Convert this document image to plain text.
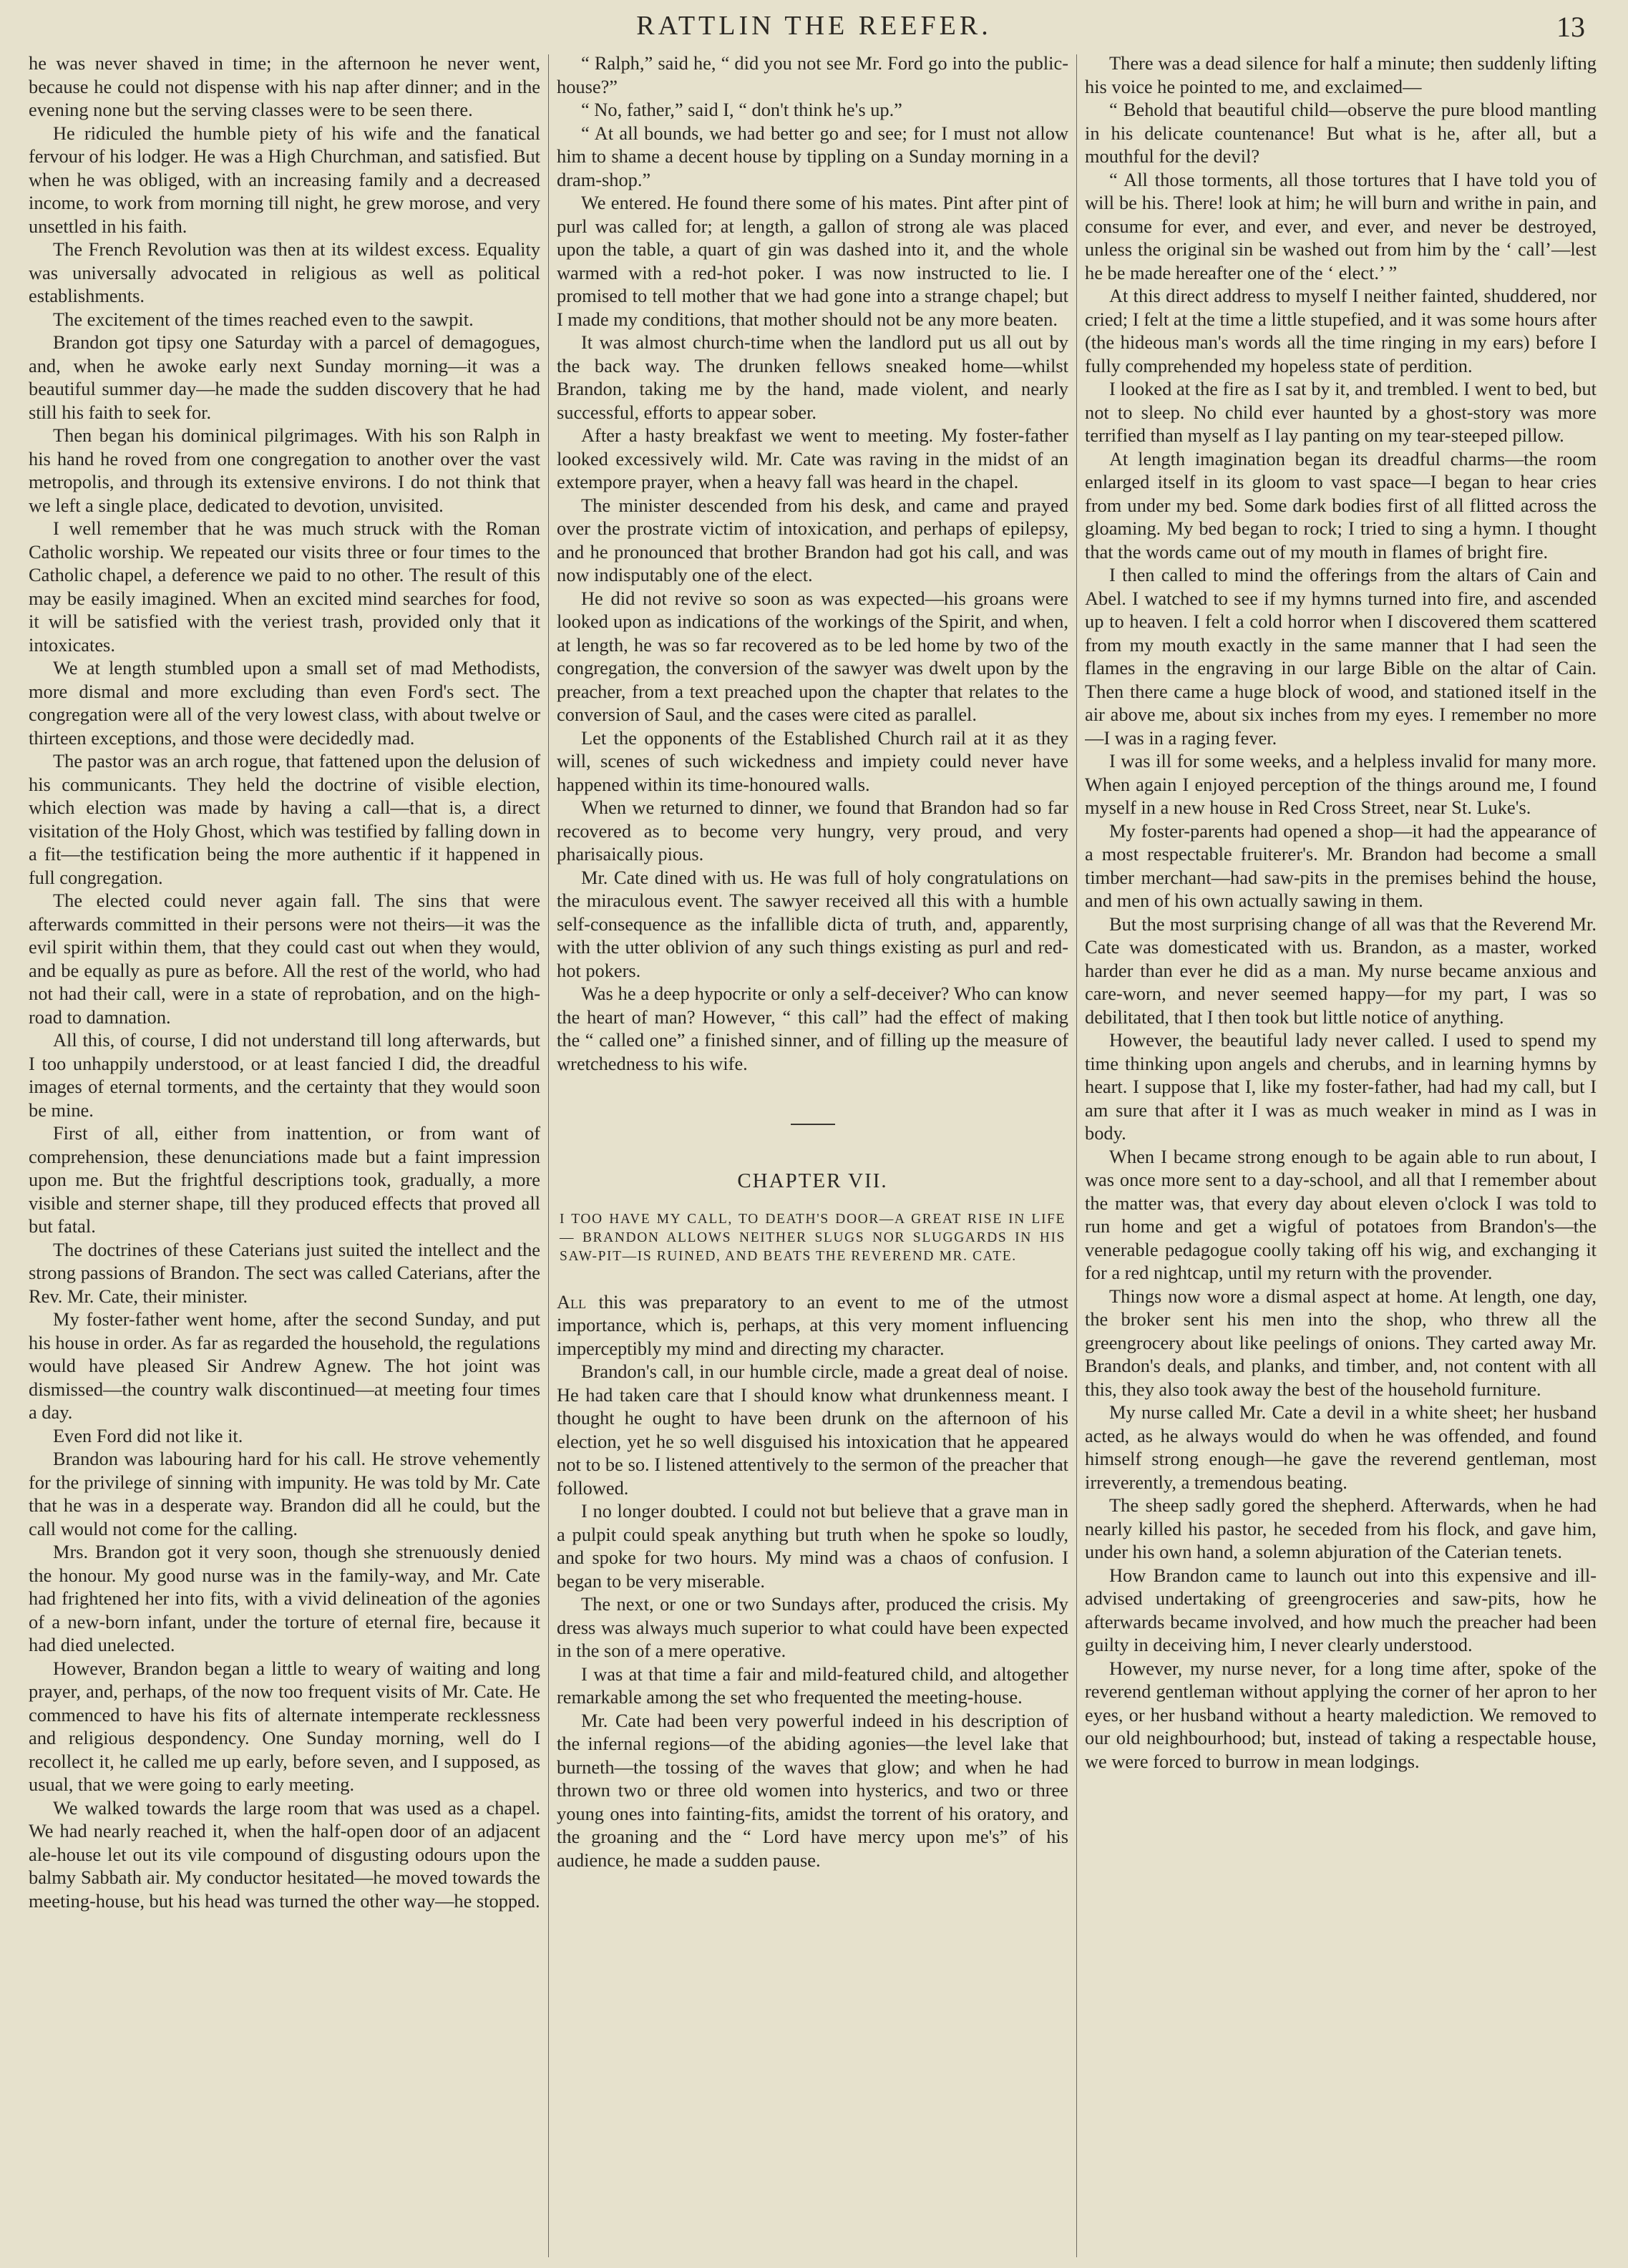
RATTLIN THE REEFER.	13

he was never shaved in time; in the afternoon he never went, because he could not dispense with his nap after dinner; and in the evening none but the serving classes were to be seen there.

He ridiculed the humble piety of his wife and the fanatical fervour of his lodger. He was a High Churchman, and satisfied. But when he was obliged, with an increasing family and a decreased income, to work from morning till night, he grew morose, and very unsettled in his faith.

The French Revolution was then at its wildest excess. Equality was universally advocated in religious as well as political establishments.

The excitement of the times reached even to the sawpit.

Brandon got tipsy one Saturday with a parcel of demagogues, and, when he awoke early next Sunday morning—it was a beautiful summer day—he made the sudden discovery that he had still his faith to seek for.

Then began his dominical pilgrimages. With his son Ralph in his hand he roved from one congregation to another over the vast metropolis, and through its extensive environs. I do not think that we left a single place, dedicated to devotion, unvisited.

I well remember that he was much struck with the Roman Catholic worship. We repeated our visits three or four times to the Catholic chapel, a deference we paid to no other. The result of this may be easily imagined. When an excited mind searches for food, it will be satisfied with the veriest trash, provided only that it intoxicates.

We at length stumbled upon a small set of mad Methodists, more dismal and more excluding than even Ford's sect. The congregation were all of the very lowest class, with about twelve or thirteen exceptions, and those were decidedly mad.

The pastor was an arch rogue, that fattened upon the delusion of his communicants. They held the doctrine of visible election, which election was made by having a call—that is, a direct visitation of the Holy Ghost, which was testified by falling down in a fit—the testification being the more authentic if it happened in full congregation.

The elected could never again fall. The sins that were afterwards committed in their persons were not theirs—it was the evil spirit within them, that they could cast out when they would, and be equally as pure as before. All the rest of the world, who had not had their call, were in a state of reprobation, and on the high-road to damnation.

All this, of course, I did not understand till long afterwards, but I too unhappily understood, or at least fancied I did, the dreadful images of eternal torments, and the certainty that they would soon be mine.

First of all, either from inattention, or from want of comprehension, these denunciations made but a faint impression upon me. But the frightful descriptions took, gradually, a more visible and sterner shape, till they produced effects that proved all but fatal.

The doctrines of these Caterians just suited the intellect and the strong passions of Brandon. The sect was called Caterians, after the Rev. Mr. Cate, their minister.

My foster-father went home, after the second Sunday, and put his house in order. As far as regarded the household, the regulations would have pleased Sir Andrew Agnew. The hot joint was dismissed—the country walk discontinued—at meeting four times a day.

Even Ford did not like it.

Brandon was labouring hard for his call. He strove vehemently for the privilege of sinning with impunity. He was told by Mr. Cate that he was in a desperate way. Brandon did all he could, but the call would not come for the calling.

Mrs. Brandon got it very soon, though she strenuously denied the honour. My good nurse was in the family-way, and Mr. Cate had frightened her into fits, with a vivid delineation of the agonies of a new-born infant, under the torture of eternal fire, because it had died unelected.

However, Brandon began a little to weary of waiting and long prayer, and, perhaps, of the now too frequent visits of Mr. Cate. He commenced to have his fits of alternate intemperate recklessness and religious despondency. One Sunday morning, well do I recollect it, he called me up early, before seven, and I supposed, as usual, that we were going to early meeting.

We walked towards the large room that was used as a chapel. We had nearly reached it, when the half-open door of an adjacent ale-house let out its vile compound of disgusting odours upon the balmy Sabbath air. My conductor hesitated—he moved towards the meeting-house, but his head was turned the other way—he stopped.

“ Ralph,” said he, “ did you not see Mr. Ford go into the public-house?”

“ No, father,” said I, “ don't think he's up.”

“ At all bounds, we had better go and see; for I must not allow him to shame a decent house by tippling on a Sunday morning in a dram-shop.”

We entered. He found there some of his mates. Pint after pint of purl was called for; at length, a gallon of strong ale was placed upon the table, a quart of gin was dashed into it, and the whole warmed with a red-hot poker. I was now instructed to lie. I promised to tell mother that we had gone into a strange chapel; but I made my conditions, that mother should not be any more beaten.

It was almost church-time when the landlord put us all out by the back way. The drunken fellows sneaked home—whilst Brandon, taking me by the hand, made violent, and nearly successful, efforts to appear sober.

After a hasty breakfast we went to meeting. My foster-father looked excessively wild. Mr. Cate was raving in the midst of an extempore prayer, when a heavy fall was heard in the chapel.

The minister descended from his desk, and came and prayed over the prostrate victim of intoxication, and perhaps of epilepsy, and he pronounced that brother Brandon had got his call, and was now indisputably one of the elect.

He did not revive so soon as was expected—his groans were looked upon as indications of the workings of the Spirit, and when, at length, he was so far recovered as to be led home by two of the congregation, the conversion of the sawyer was dwelt upon by the preacher, from a text preached upon the chapter that relates to the conversion of Saul, and the cases were cited as parallel.

Let the opponents of the Established Church rail at it as they will, scenes of such wickedness and impiety could never have happened within its time-honoured walls.

When we returned to dinner, we found that Brandon had so far recovered as to become very hungry, very proud, and very pharisaically pious.

Mr. Cate dined with us. He was full of holy congratulations on the miraculous event. The sawyer received all this with a humble self-consequence as the infallible dicta of truth, and, apparently, with the utter oblivion of any such things existing as purl and red-hot pokers.

Was he a deep hypocrite or only a self-deceiver? Who can know the heart of man? However, “ this call” had the effect of making the “ called one” a finished sinner, and of filling up the measure of wretchedness to his wife.

CHAPTER VII.
I TOO HAVE MY CALL, TO DEATH'S DOOR—A GREAT RISE IN LIFE — BRANDON ALLOWS NEITHER SLUGS NOR SLUGGARDS IN HIS SAW-PIT—IS RUINED, AND BEATS THE REVEREND MR. CATE.

All this was preparatory to an event to me of the utmost importance, which is, perhaps, at this very moment influencing imperceptibly my mind and directing my character.

Brandon's call, in our humble circle, made a great deal of noise. He had taken care that I should know what drunkenness meant. I thought he ought to have been drunk on the afternoon of his election, yet he so well disguised his intoxication that he appeared not to be so. I listened attentively to the sermon of the preacher that followed.

I no longer doubted. I could not but believe that a grave man in a pulpit could speak anything but truth when he spoke so loudly, and spoke for two hours. My mind was a chaos of confusion. I began to be very miserable.

The next, or one or two Sundays after, produced the crisis. My dress was always much superior to what could have been expected in the son of a mere operative.

I was at that time a fair and mild-featured child, and altogether remarkable among the set who frequented the meeting-house.

Mr. Cate had been very powerful indeed in his description of the infernal regions—of the abiding agonies—the level lake that burneth—the tossing of the waves that glow; and when he had thrown two or three old women into hysterics, and two or three young ones into fainting-fits, amidst the torrent of his oratory, and the groaning and the “ Lord have mercy upon me's” of his audience, he made a sudden pause.

There was a dead silence for half a minute; then suddenly lifting his voice he pointed to me, and exclaimed—

“ Behold that beautiful child—observe the pure blood mantling in his delicate countenance! But what is he, after all, but a mouthful for the devil?

“ All those torments, all those tortures that I have told you of will be his. There! look at him; he will burn and writhe in pain, and consume for ever, and ever, and ever, and never be destroyed, unless the original sin be washed out from him by the ‘ call’—lest he be made hereafter one of the ‘ elect.’ ”

At this direct address to myself I neither fainted, shuddered, nor cried; I felt at the time a little stupefied, and it was some hours after (the hideous man's words all the time ringing in my ears) before I fully comprehended my hopeless state of perdition.

I looked at the fire as I sat by it, and trembled. I went to bed, but not to sleep. No child ever haunted by a ghost-story was more terrified than myself as I lay panting on my tear-steeped pillow.

At length imagination began its dreadful charms—the room enlarged itself in its gloom to vast space—I began to hear cries from under my bed. Some dark bodies first of all flitted across the gloaming. My bed began to rock; I tried to sing a hymn. I thought that the words came out of my mouth in flames of bright fire.

I then called to mind the offerings from the altars of Cain and Abel. I watched to see if my hymns turned into fire, and ascended up to heaven. I felt a cold horror when I discovered them scattered from my mouth exactly in the same manner that I had seen the flames in the engraving in our large Bible on the altar of Cain. Then there came a huge block of wood, and stationed itself in the air above me, about six inches from my eyes. I remember no more—I was in a raging fever.

I was ill for some weeks, and a helpless invalid for many more. When again I enjoyed perception of the things around me, I found myself in a new house in Red Cross Street, near St. Luke's.

My foster-parents had opened a shop—it had the appearance of a most respectable fruiterer's. Mr. Brandon had become a small timber merchant—had saw-pits in the premises behind the house, and men of his own actually sawing in them.

But the most surprising change of all was that the Reverend Mr. Cate was domesticated with us. Brandon, as a master, worked harder than ever he did as a man. My nurse became anxious and care-worn, and never seemed happy—for my part, I was so debilitated, that I then took but little notice of anything.

However, the beautiful lady never called. I used to spend my time thinking upon angels and cherubs, and in learning hymns by heart. I suppose that I, like my foster-father, had had my call, but I am sure that after it I was as much weaker in mind as I was in body.

When I became strong enough to be again able to run about, I was once more sent to a day-school, and all that I remember about the matter was, that every day about eleven o'clock I was told to run home and get a wigful of potatoes from Brandon's—the venerable pedagogue coolly taking off his wig, and exchanging it for a red nightcap, until my return with the provender.

Things now wore a dismal aspect at home. At length, one day, the broker sent his men into the shop, who threw all the greengrocery about like peelings of onions. They carted away Mr. Brandon's deals, and planks, and timber, and, not content with all this, they also took away the best of the household furniture.

My nurse called Mr. Cate a devil in a white sheet; her husband acted, as he always would do when he was offended, and found himself strong enough—he gave the reverend gentleman, most irreverently, a tremendous beating.

The sheep sadly gored the shepherd. Afterwards, when he had nearly killed his pastor, he seceded from his flock, and gave him, under his own hand, a solemn abjuration of the Caterian tenets.

How Brandon came to launch out into this expensive and ill-advised undertaking of greengroceries and saw-pits, how he afterwards became involved, and how much the preacher had been guilty in deceiving him, I never clearly understood.

However, my nurse never, for a long time after, spoke of the reverend gentleman without applying the corner of her apron to her eyes, or her husband without a hearty malediction. We removed to our old neighbourhood; but, instead of taking a respectable house, we were forced to burrow in mean lodgings.
